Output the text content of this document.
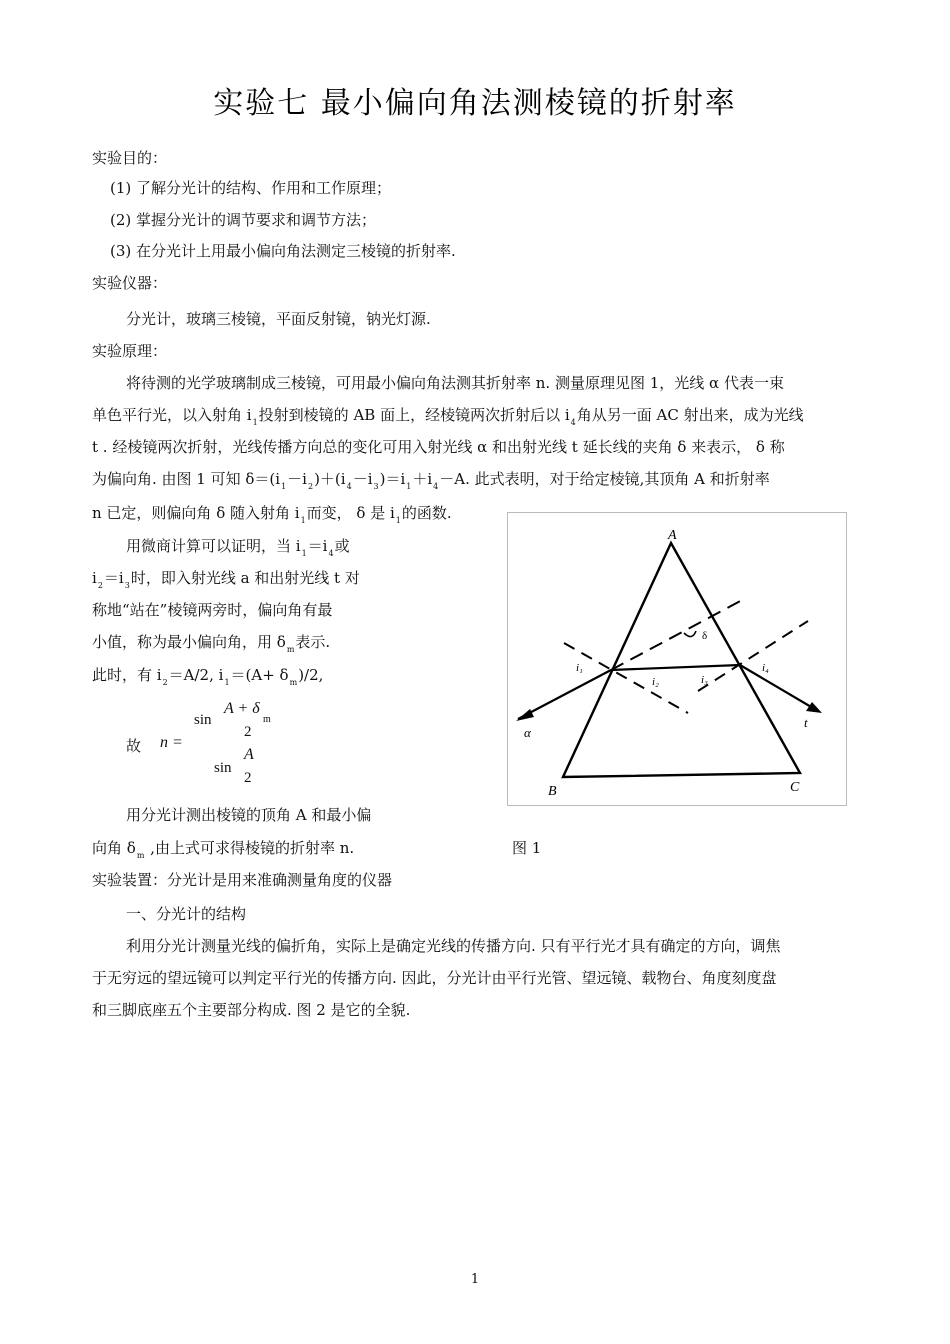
实验七 最小偏向角法测棱镜的折射率
实验目的：
(1) 了解分光计的结构、作用和工作原理；
(2) 掌握分光计的调节要求和调节方法；
(3) 在分光计上用最小偏向角法测定三棱镜的折射率.
实验仪器：
分光计，玻璃三棱镜，平面反射镜，钠光灯源.
实验原理：
将待测的光学玻璃制成三棱镜，可用最小偏向角法测其折射率 n. 测量原理见图 1，光线 α 代表一束
单色平行光，以入射角 $i_1$投射到棱镜的 AB 面上，经棱镜两次折射后以 $i_4$角从另一面 AC 射出来，成为光线
t . 经棱镜两次折射，光线传播方向总的变化可用入射光线 α 和出射光线 t 延长线的夹角 δ 来表示， δ 称
为偏向角. 由图 1 可知 $\delta=(i_1-i_2)+(i_4-i_3)=i_1+i_4-A$. 此式表明，对于给定棱镜,其顶角 A 和折射率
n 已定，则偏向角 δ 随入射角 $i_1$而变， δ 是 $i_1$的函数.
用微商计算可以证明，当 $i_1=i_4$或
$i_2=i_3$时，即入射光线 a 和出射光线 t 对
称地“站在”棱镜两旁时，偏向角有最
小值，称为最小偏向角，用 $\delta_m$表示.
此时，有 $i_2=A/2$, $i_1=(A+ \delta_m)/2$,
故 n =
sin
A + δ
m
2
sin
A
2
用分光计测出棱镜的顶角 A 和最小偏
向角 $\delta_m$ ,由上式可求得棱镜的折射率 n.
A
B	C
α
t
δ
i₁
i₂	i₃
i₄
图 1
实验装置：分光计是用来准确测量角度的仪器
一、分光计的结构
利用分光计测量光线的偏折角，实际上是确定光线的传播方向. 只有平行光才具有确定的方向，调焦
于无穷远的望远镜可以判定平行光的传播方向. 因此，分光计由平行光管、望远镜、载物台、角度刻度盘
和三脚底座五个主要部分构成. 图 2 是它的全貌.
1
